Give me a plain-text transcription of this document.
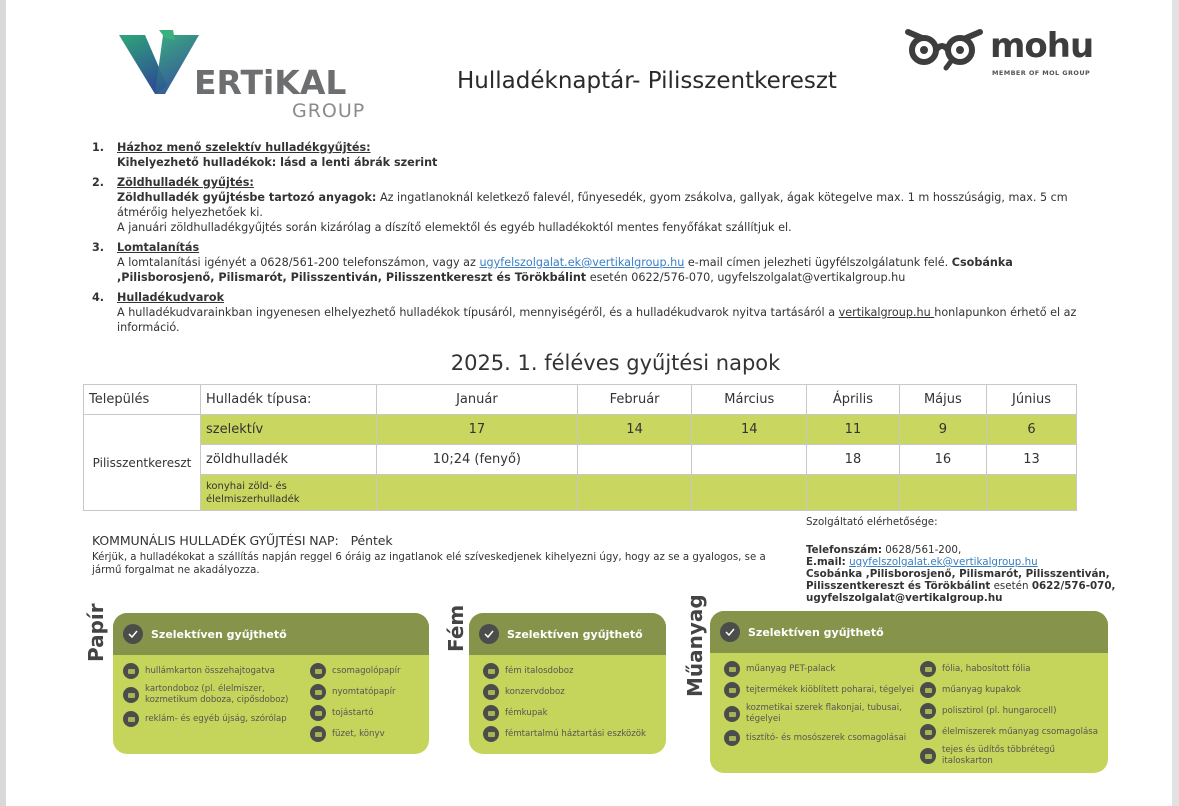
ERTiKAL
GROUP
Hulladéknaptár- Pilisszentkereszt
mohu
MEMBER OF MOL GROUP
1. Házhoz menő szelektív hulladékgyűjtés:
Kihelyezhető hulladékok: lásd a lenti ábrák szerint
2. Zöldhulladék gyűjtés:
Zöldhulladék gyűjtésbe tartozó anyagok: Az ingatlanoknál keletkező falevél, fűnyesedék, gyom zsákolva, gallyak, ágak kötegelve max. 1 m hosszúságig, max. 5 cm átmérőig helyezhetőek ki.
A januári zöldhulladékgyűjtés során kizárólag a díszítő elemektől és egyéb hulladékoktól mentes fenyőfákat szállítjuk el.
3. Lomtalanítás
A lomtalanítási igényét a 0628/561-200 telefonszámon, vagy az ugyfelszolgalat.ek@vertikalgroup.hu e-mail címen jelezheti ügyfélszolgálatunk felé. Csobánka ,Pilisborosjenő, Pilismarót, Pilisszentiván, Pilisszentkereszt és Törökbálint esetén 0622/576-070, ugyfelszolgalat@vertikalgroup.hu
4. Hulladékudvarok
A hulladékudvarainkban ingyenesen elhelyezhető hulladékok típusáról, mennyiségéről, és a hulladékudvarok nyitva tartásáról a vertikalgroup.hu honlapunkon érhető el az információ.
2025. 1. féléves gyűjtési napok
Település	Hulladék típusa:	Január	Február	Március	Április	Május	Június
Pilisszentkereszt	szelektív	17	14	14	11	9	6
	zöldhulladék	10;24 (fenyő)			18	16	13
	konyhai zöld- és élelmiszerhulladék						
KOMMUNÁLIS HULLADÉK GYŰJTÉSI NAP: Péntek
Kérjük, a hulladékokat a szállítás napján reggel 6 óráig az ingatlanok elé szíveskedjenek kihelyezni úgy, hogy az se a gyalogos, se a jármű forgalmat ne akadályozza.
Szolgáltató elérhetősége:
Telefonszám: 0628/561-200,
E.mail: ugyfelszolgalat.ek@vertikalgroup.hu
Csobánka ,Pilisborosjenő, Pilismarót, Pilisszentiván, Pilisszentkereszt és Törökbálint esetén 0622/576-070,
ugyfelszolgalat@vertikalgroup.hu
Papír	Szelektíven gyűjthető
hullámkarton összehajtogatva
kartondoboz (pl. élelmiszer, kozmetikum doboza, cipősdoboz)
reklám- és egyéb újság, szórólap
csomagolópapír
nyomtatópapír
tojástartó
füzet, könyv
Fém	Szelektíven gyűjthető
fém italosdoboz
konzervdoboz
fémkupak
fémtartalmú háztartási eszközök
Műanyag	Szelektíven gyűjthető
műanyag PET-palack
tejtermékek kiöblített poharai, tégelyei
kozmetikai szerek flakonjai, tubusai, tégelyei
tisztító- és mosószerek csomagolásai
fólia, habosított fólia
műanyag kupakok
polisztirol (pl. hungarocell)
élelmiszerek műanyag csomagolása
tejes és üdítős többrétegű italoskarton
